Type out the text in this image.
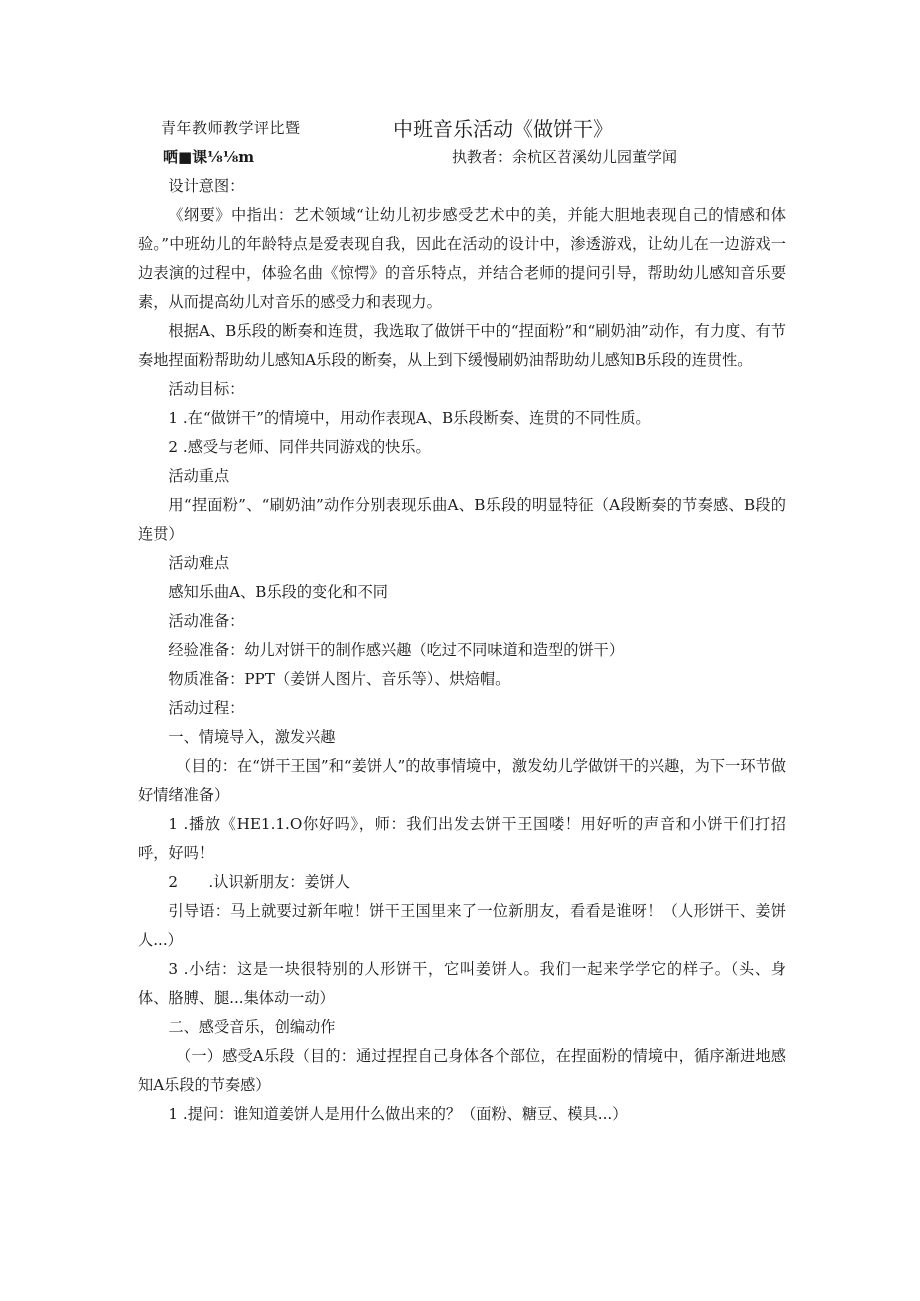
青年教师教学评比暨
哂■课⅛⅛m
中班音乐活动《做饼干》
执教者：余杭区苕溪幼儿园董学闻

设计意图：

《纲要》中指出：艺术领域“让幼儿初步感受艺术中的美，并能大胆地表现自己的情感和体验。”中班幼儿的年龄特点是爱表现自我，因此在活动的设计中，渗透游戏，让幼儿在一边游戏一边表演的过程中，体验名曲《惊愕》的音乐特点，并结合老师的提问引导，帮助幼儿感知音乐要素，从而提高幼儿对音乐的感受力和表现力。

根据A、B乐段的断奏和连贯，我选取了做饼干中的“捏面粉”和“刷奶油”动作，有力度、有节奏地捏面粉帮助幼儿感知A乐段的断奏，从上到下缓慢刷奶油帮助幼儿感知B乐段的连贯性。

活动目标：

1 .在“做饼干”的情境中，用动作表现A、B乐段断奏、连贯的不同性质。

2 .感受与老师、同伴共同游戏的快乐。

活动重点

用“捏面粉”、“刷奶油”动作分别表现乐曲A、B乐段的明显特征（A段断奏的节奏感、B段的连贯）

活动难点

感知乐曲A、B乐段的变化和不同

活动准备：

经验准备：幼儿对饼干的制作感兴趣（吃过不同味道和造型的饼干）

物质准备：PPT（姜饼人图片、音乐等）、烘焙帽。

活动过程：

一、情境导入，激发兴趣

（目的：在“饼干王国”和“姜饼人”的故事情境中，激发幼儿学做饼干的兴趣，为下一环节做好情绪准备）

1 .播放《HE1.1.O你好吗》，师：我们出发去饼干王国喽！用好听的声音和小饼干们打招呼，好吗！

2　　.认识新朋友：姜饼人

引导语：马上就要过新年啦！饼干王国里来了一位新朋友，看看是谁呀！（人形饼干、姜饼人...）

3 .小结：这是一块很特别的人形饼干，它叫姜饼人。我们一起来学学它的样子。（头、身体、胳膊、腿...集体动一动）

二、感受音乐，创编动作

（一）感受A乐段（目的：通过捏捏自己身体各个部位，在捏面粉的情境中，循序渐进地感知A乐段的节奏感）

1 .提问：谁知道姜饼人是用什么做出来的？（面粉、糖豆、模具...）
